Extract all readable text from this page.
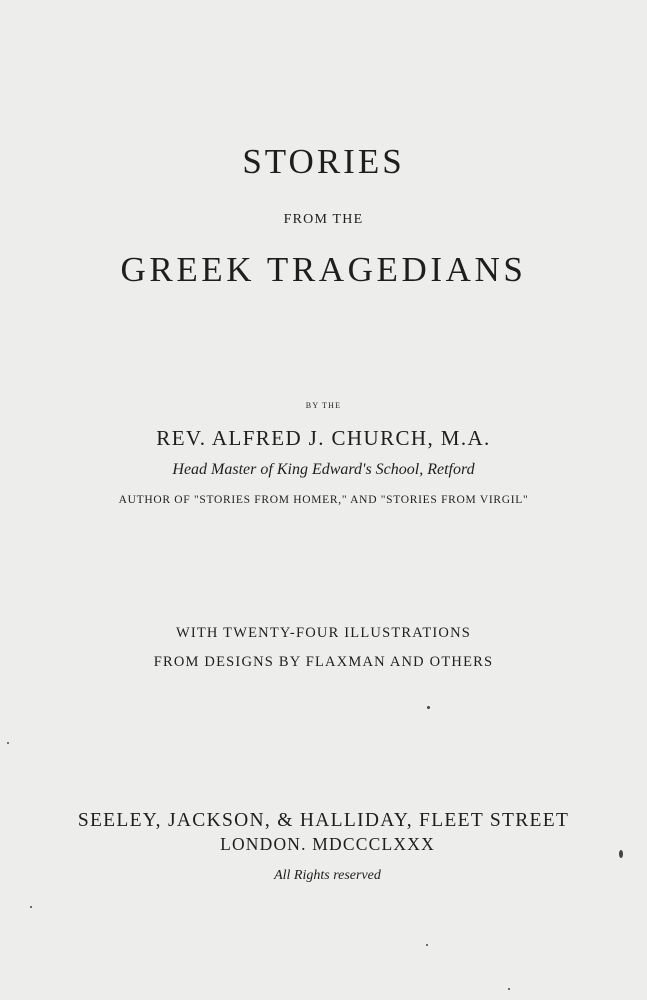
STORIES
FROM THE
GREEK TRAGEDIANS
BY THE
REV. ALFRED J. CHURCH, M.A.
Head Master of King Edward's School, Retford
AUTHOR OF "STORIES FROM HOMER," AND "STORIES FROM VIRGIL"
WITH TWENTY-FOUR ILLUSTRATIONS
FROM DESIGNS BY FLAXMAN AND OTHERS
SEELEY, JACKSON, & HALLIDAY, FLEET STREET
LONDON. MDCCCLXXX
All Rights reserved
